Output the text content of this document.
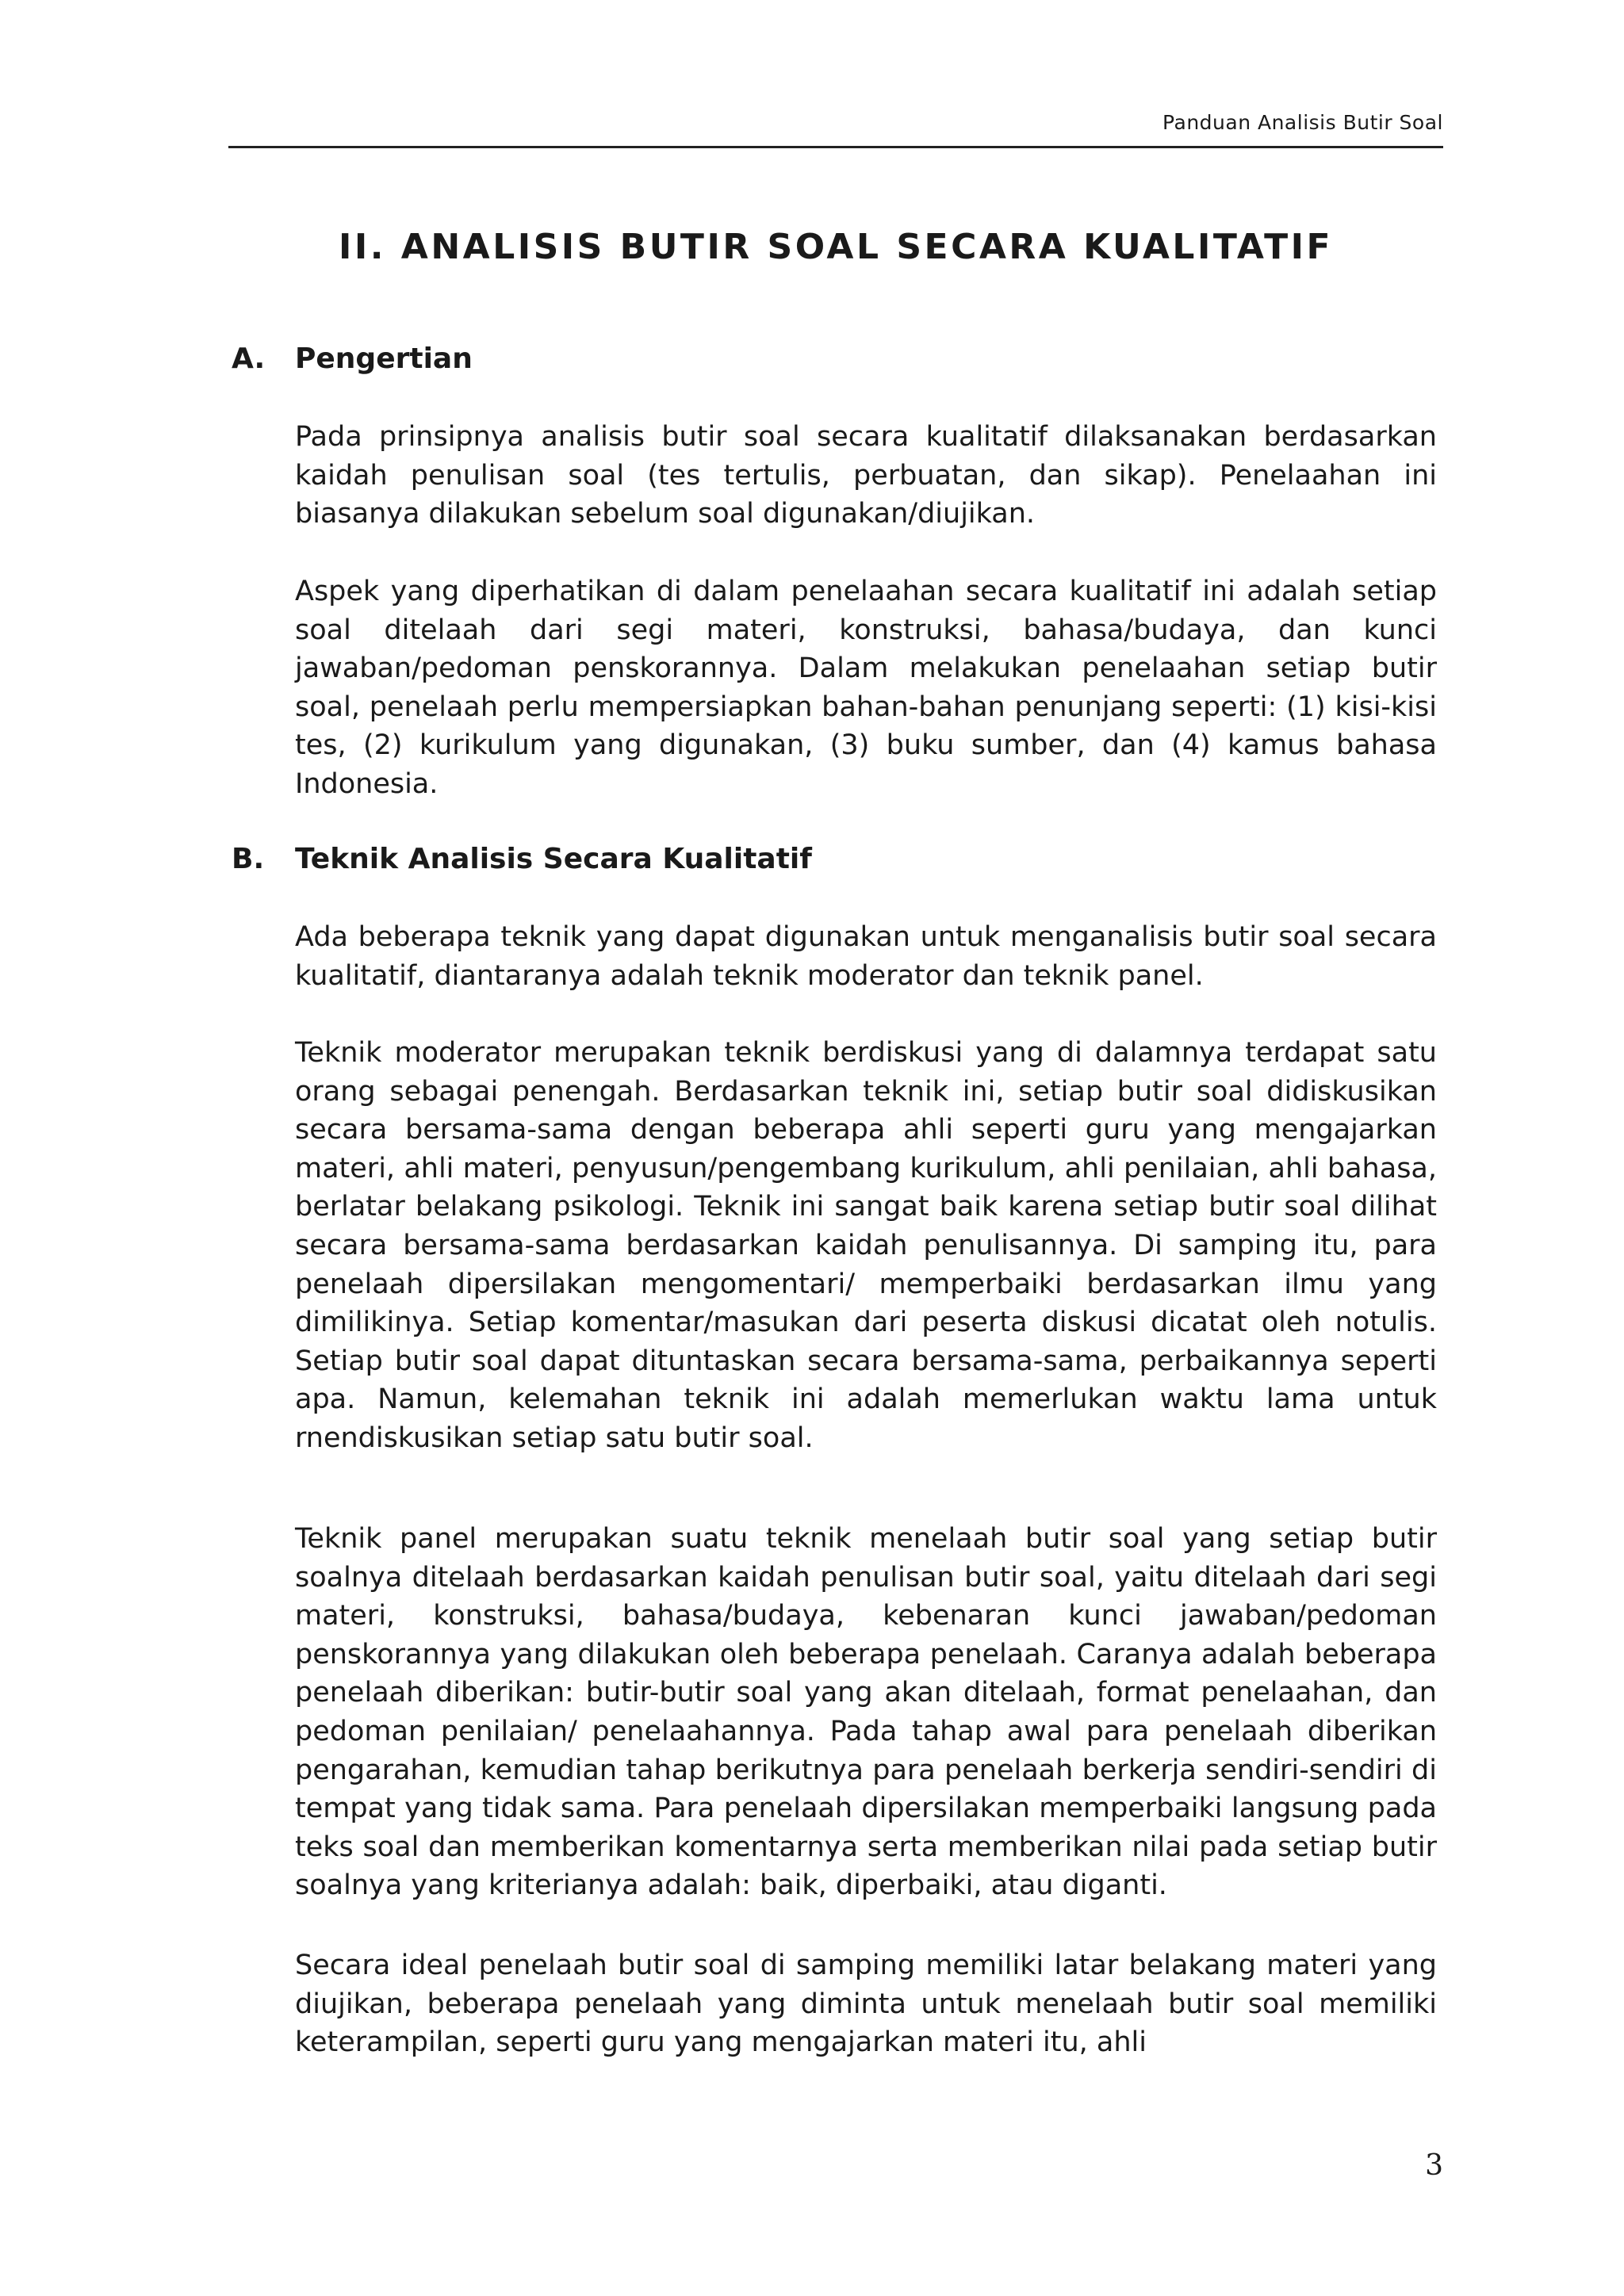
Panduan Analisis Butir Soal
II. ANALISIS BUTIR SOAL SECARA KUALITATIF
A. Pengertian

Pada prinsipnya analisis butir soal secara kualitatif dilaksanakan berdasarkan kaidah penulisan soal (tes tertulis, perbuatan, dan sikap). Penelaahan ini biasanya dilakukan sebelum soal digunakan/diujikan.

Aspek yang diperhatikan di dalam penelaahan secara kualitatif ini adalah setiap soal ditelaah dari segi materi, konstruksi, bahasa/budaya, dan kunci jawaban/pedoman penskorannya. Dalam melakukan penelaahan setiap butir soal, penelaah perlu mempersiapkan bahan-bahan penunjang seperti: (1) kisi-kisi tes, (2) kurikulum yang digunakan, (3) buku sumber, dan (4) kamus bahasa Indonesia.

B. Teknik Analisis Secara Kualitatif

Ada beberapa teknik yang dapat digunakan untuk menganalisis butir soal secara kualitatif, diantaranya adalah teknik moderator dan teknik panel.

Teknik moderator merupakan teknik berdiskusi yang di dalamnya terdapat satu orang sebagai penengah. Berdasarkan teknik ini, setiap butir soal didiskusikan secara bersama-sama dengan beberapa ahli seperti guru yang mengajarkan materi, ahli materi, penyusun/pengembang kurikulum, ahli penilaian, ahli bahasa, berlatar belakang psikologi. Teknik ini sangat baik karena setiap butir soal dilihat secara bersama-sama berdasarkan kaidah penulisannya. Di samping itu, para penelaah dipersilakan mengomentari/ memperbaiki berdasarkan ilmu yang dimilikinya. Setiap komentar/masukan dari peserta diskusi dicatat oleh notulis. Setiap butir soal dapat dituntaskan secara bersama-sama, perbaikannya seperti apa. Namun, kelemahan teknik ini adalah memerlukan waktu lama untuk rnendiskusikan setiap satu butir soal.

Teknik panel merupakan suatu teknik menelaah butir soal yang setiap butir soalnya ditelaah berdasarkan kaidah penulisan butir soal, yaitu ditelaah dari segi materi, konstruksi, bahasa/budaya, kebenaran kunci jawaban/pedoman penskorannya yang dilakukan oleh beberapa penelaah. Caranya adalah beberapa penelaah diberikan: butir-butir soal yang akan ditelaah, format penelaahan, dan pedoman penilaian/ penelaahannya. Pada tahap awal para penelaah diberikan pengarahan, kemudian tahap berikutnya para penelaah berkerja sendiri-sendiri di tempat yang tidak sama. Para penelaah dipersilakan memperbaiki langsung pada teks soal dan memberikan komentarnya serta memberikan nilai pada setiap butir soalnya yang kriterianya adalah: baik, diperbaiki, atau diganti.

Secara ideal penelaah butir soal di samping memiliki latar belakang materi yang diujikan, beberapa penelaah yang diminta untuk menelaah butir soal memiliki keterampilan, seperti guru yang mengajarkan materi itu, ahli

3
